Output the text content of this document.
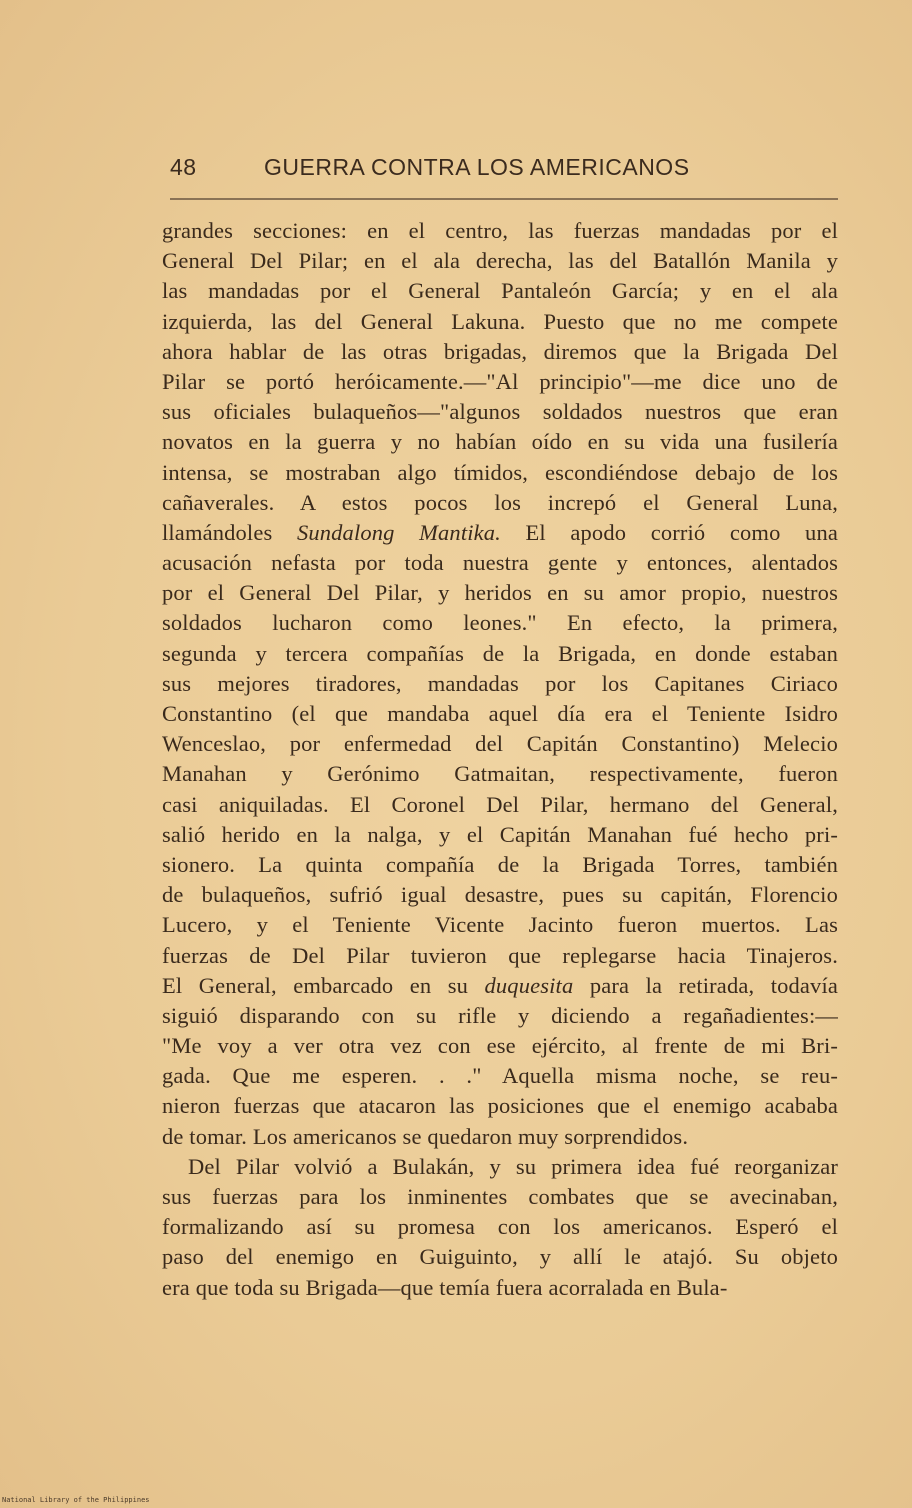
48	GUERRA CONTRA LOS AMERICANOS
grandes secciones: en el centro, las fuerzas mandadas por el
General Del Pilar; en el ala derecha, las del Batallón Manila y
las mandadas por el General Pantaleón García; y en el ala
izquierda, las del General Lakuna. Puesto que no me compete
ahora hablar de las otras brigadas, diremos que la Brigada Del
Pilar se portó heróicamente.—"Al principio"—me dice uno de
sus oficiales bulaqueños—"algunos soldados nuestros que eran
novatos en la guerra y no habían oído en su vida una fusilería
intensa, se mostraban algo tímidos, escondiéndose debajo de los
cañaverales. A estos pocos los increpó el General Luna,
llamándoles Sundalong Mantika. El apodo corrió como una
acusación nefasta por toda nuestra gente y entonces, alentados
por el General Del Pilar, y heridos en su amor propio, nuestros
soldados lucharon como leones." En efecto, la primera,
segunda y tercera compañías de la Brigada, en donde estaban
sus mejores tiradores, mandadas por los Capitanes Ciriaco
Constantino (el que mandaba aquel día era el Teniente Isidro
Wenceslao, por enfermedad del Capitán Constantino) Melecio
Manahan y Gerónimo Gatmaitan, respectivamente, fueron
casi aniquiladas. El Coronel Del Pilar, hermano del General,
salió herido en la nalga, y el Capitán Manahan fué hecho pri-
sionero. La quinta compañía de la Brigada Torres, también
de bulaqueños, sufrió igual desastre, pues su capitán, Florencio
Lucero, y el Teniente Vicente Jacinto fueron muertos. Las
fuerzas de Del Pilar tuvieron que replegarse hacia Tinajeros.
El General, embarcado en su duquesita para la retirada, todavía
siguió disparando con su rifle y diciendo a regañadientes:—
"Me voy a ver otra vez con ese ejército, al frente de mi Bri-
gada. Que me esperen. . ." Aquella misma noche, se reu-
nieron fuerzas que atacaron las posiciones que el enemigo acababa
de tomar. Los americanos se quedaron muy sorprendidos.
Del Pilar volvió a Bulakán, y su primera idea fué reorganizar
sus fuerzas para los inminentes combates que se avecinaban,
formalizando así su promesa con los americanos. Esperó el
paso del enemigo en Guiguinto, y allí le atajó. Su objeto
era que toda su Brigada—que temía fuera acorralada en Bula-
National Library of the Philippines
